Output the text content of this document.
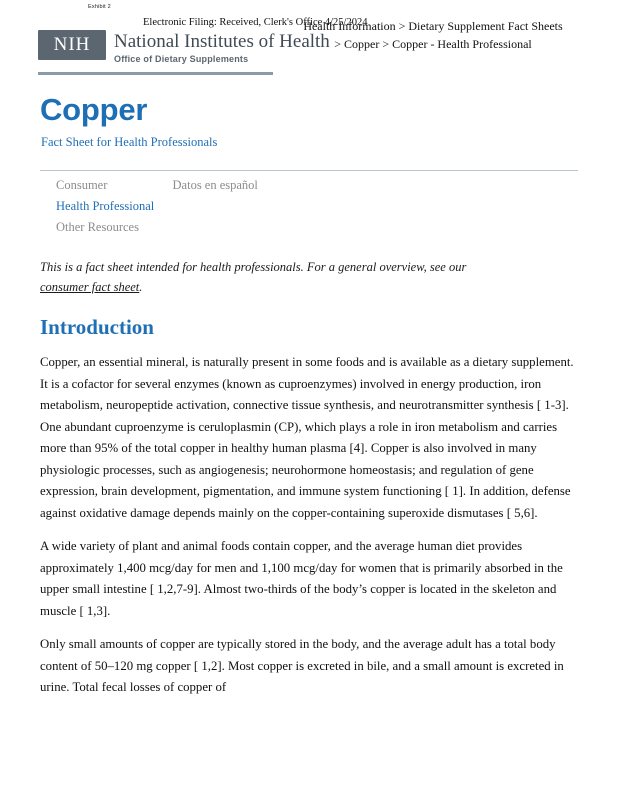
Exhibit 2
Electronic Filing: Received, Clerk's Office 4/25/2024
Health Information > Dietary Supplement Fact Sheets > Copper > Copper - Health Professional
NIH	National Institutes of Health
Office of Dietary Supplements
Copper
Fact Sheet for Health Professionals
Consumer	Datos en español
Health Professional
Other Resources
This is a fact sheet intended for health professionals. For a general overview, see our
consumer fact sheet.
Introduction

Copper, an essential mineral, is naturally present in some foods and is available as a dietary supplement. It is a cofactor for several enzymes (known as cuproenzymes) involved in energy production, iron metabolism, neuropeptide activation, connective tissue synthesis, and neurotransmitter synthesis [ 1-3]. One abundant cuproenzyme is ceruloplasmin (CP), which plays a role in iron metabolism and carries more than 95% of the total copper in healthy human plasma [4]. Copper is also involved in many physiologic processes, such as angiogenesis; neurohormone homeostasis; and regulation of gene expression, brain development, pigmentation, and immune system functioning [ 1]. In addition, defense against oxidative damage depends mainly on the copper-containing superoxide dismutases [ 5,6].

A wide variety of plant and animal foods contain copper, and the average human diet provides approximately 1,400 mcg/day for men and 1,100 mcg/day for women that is primarily absorbed in the upper small intestine [ 1,2,7-9]. Almost two-thirds of the body’s copper is located in the skeleton and muscle [ 1,3].

Only small amounts of copper are typically stored in the body, and the average adult has a total body content of 50–120 mg copper [ 1,2]. Most copper is excreted in bile, and a small amount is excreted in urine. Total fecal losses of copper of
